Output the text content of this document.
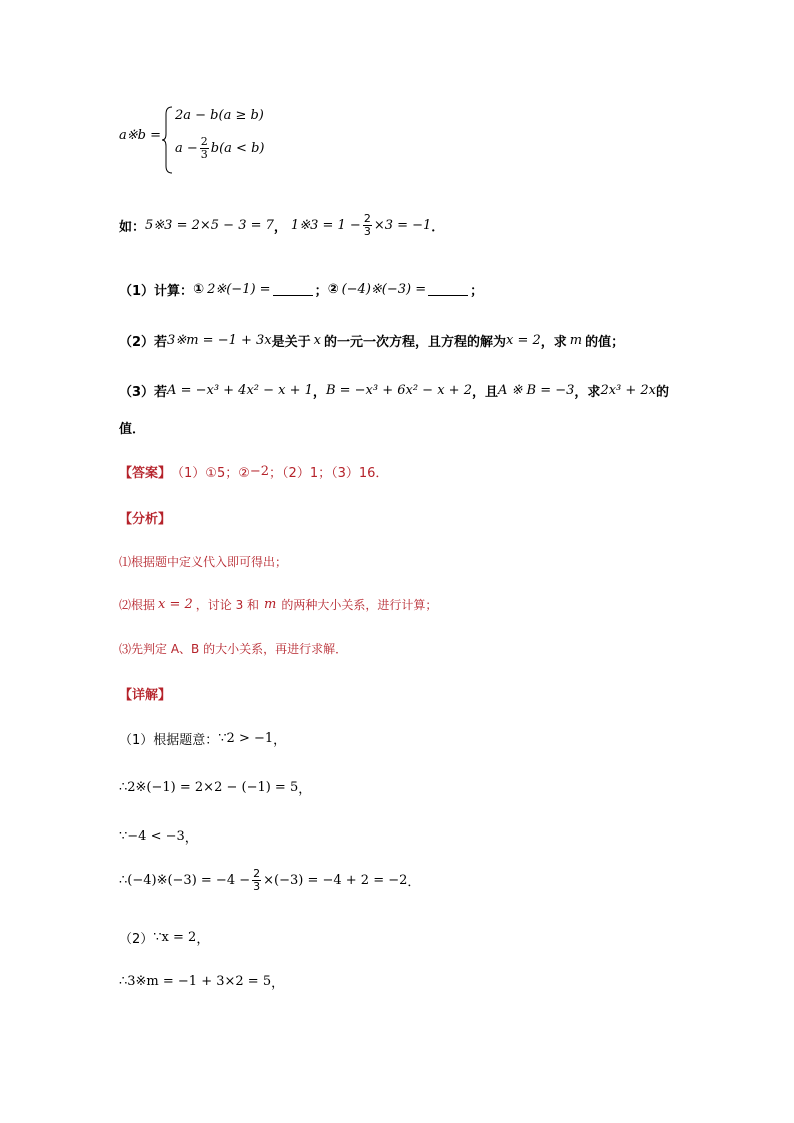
a※b =
2a − b(a ≥ b)
$a - \frac{2}{3} b(a < b)$
如： 5※3 = 2×5 − 3 = 7 ， 1※3 = $1 - \frac{2}{3} \times 3 = -1$ ．
（1）计算： ① 2※(−1) =	； ② (−4)※(−3) =	；
（2）若 3※m = −1 + 3x 是关于 x 的一元一次方程，且方程的解为 x = 2 ，求 m 的值；
（3）若 A = −x³ + 4x² − x + 1 ， B = −x³ + 6x² − x + 2 ，且 A ※ B = −3 ，求 2x³ + 2x 的
值．
【答案】 （1）①5；② −2 ；（2）1；（3）16．
【分析】
⑴根据题中定义代入即可得出；
⑵根据 x = 2 ，讨论 3 和 m 的两种大小关系，进行计算；
⑶先判定 A、B 的大小关系，再进行求解．
【详解】
（1）根据题意： ∵2 > −1 ，
∴2※(−1) = 2×2 − (−1) = 5 ，
∵−4 < −3 ，
∴(−4)※(−3) = $-4 - \frac{2}{3} \times(-3) = -4 + 2 = -2$ ．
（2） ∵x = 2 ，
∴3※m = −1 + 3×2 = 5 ，
